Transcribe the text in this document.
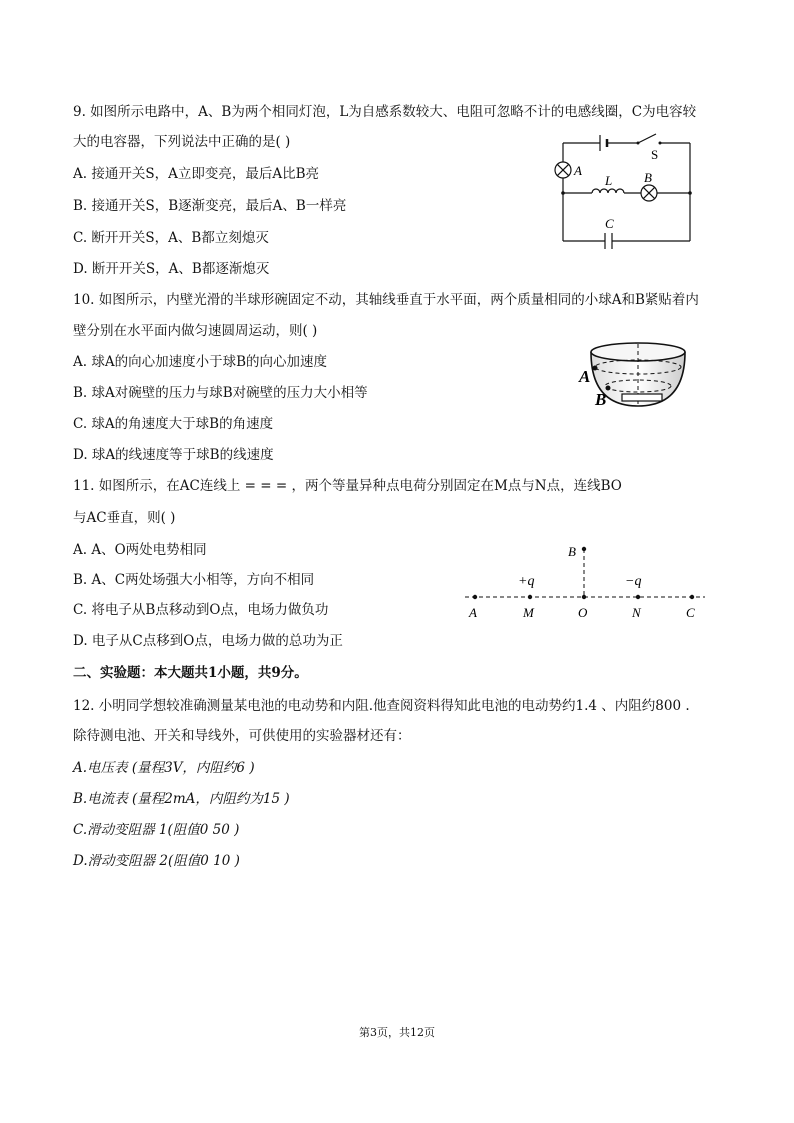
9. 如图所示电路中，A、B为两个相同灯泡，L为自感系数较大、电阻可忽略不计的电感线圈，C为电容较
大的电容器，下列说法中正确的是( )
A. 接通开关S，A立即变亮，最后A比B亮
B. 接通开关S，B逐渐变亮，最后A、B一样亮
C. 断开开关S，A、B都立刻熄灭
D. 断开开关S，A、B都逐渐熄灭
S
A
L B
C
10. 如图所示，内壁光滑的半球形碗固定不动，其轴线垂直于水平面，两个质量相同的小球A和B紧贴着内
壁分别在水平面内做匀速圆周运动，则( )
A. 球A的向心加速度小于球B的向心加速度
B. 球A对碗壁的压力与球B对碗壁的压力大小相等
C. 球A的角速度大于球B的角速度
D. 球A的线速度等于球B的线速度
A
B
11. 如图所示，在AC连线上 = = = ，两个等量异种点电荷分别固定在M点与N点，连线BO
与AC垂直，则( )
A. A、O两处电势相同
B. A、C两处场强大小相等，方向不相同
C. 将电子从B点移动到O点，电场力做负功
D. 电子从C点移到O点，电场力做的总功为正
B
+q	−q
A	M	O	N	C
二、实验题：本大题共1小题，共9分。
12. 小明同学想较准确测量某电池的电动势和内阻.他查阅资料得知此电池的电动势约1.4 、内阻约800 .
除待测电池、开关和导线外，可供使用的实验器材还有：
A.电压表 (量程3V，内阻约6 )
B.电流表 (量程2mA，内阻约为15 )
C.滑动变阻器 1(阻值0 50 )
D.滑动变阻器 2(阻值0 10 )
第3页，共12页
